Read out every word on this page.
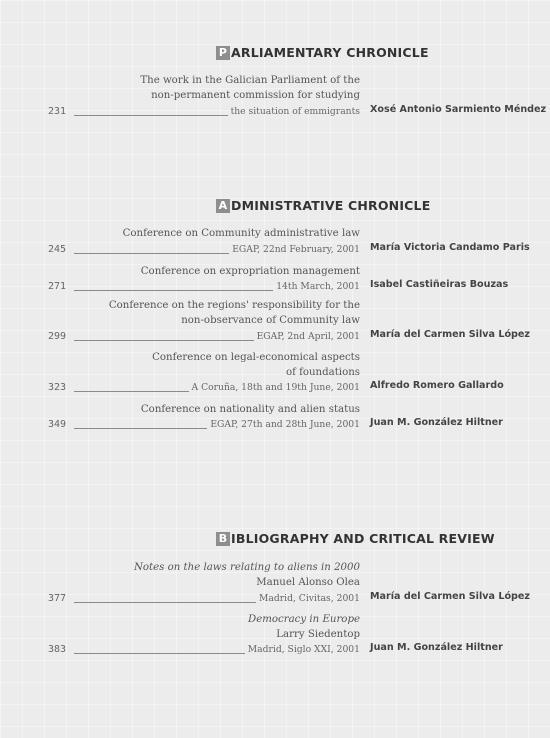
P ARLIAMENTARY CHRONICLE
The work in the Galician Parliament of the
non-permanent commission for studying
231	the situation of emmigrants Xosé Antonio Sarmiento Méndez
A DMINISTRATIVE CHRONICLE
Conference on Community administrative law
245	EGAP, 22nd February, 2001 María Victoria Candamo Paris
Conference on expropriation management
271	14th March, 2001 Isabel Castiñeiras Bouzas
Conference on the regions' responsibility for the
non-observance of Community law
299	EGAP, 2nd April, 2001 María del Carmen Silva López
Conference on legal-economical aspects
of foundations
323	A Coruña, 18th and 19th June, 2001 Alfredo Romero Gallardo
Conference on nationality and alien status
349	EGAP, 27th and 28th June, 2001 Juan M. González Hiltner
B IBLIOGRAPHY AND CRITICAL REVIEW
Notes on the laws relating to aliens in 2000
Manuel Alonso Olea
377	Madrid, Civitas, 2001 María del Carmen Silva López
Democracy in Europe
Larry Siedentop
383	Madrid, Siglo XXI, 2001 Juan M. González Hiltner
